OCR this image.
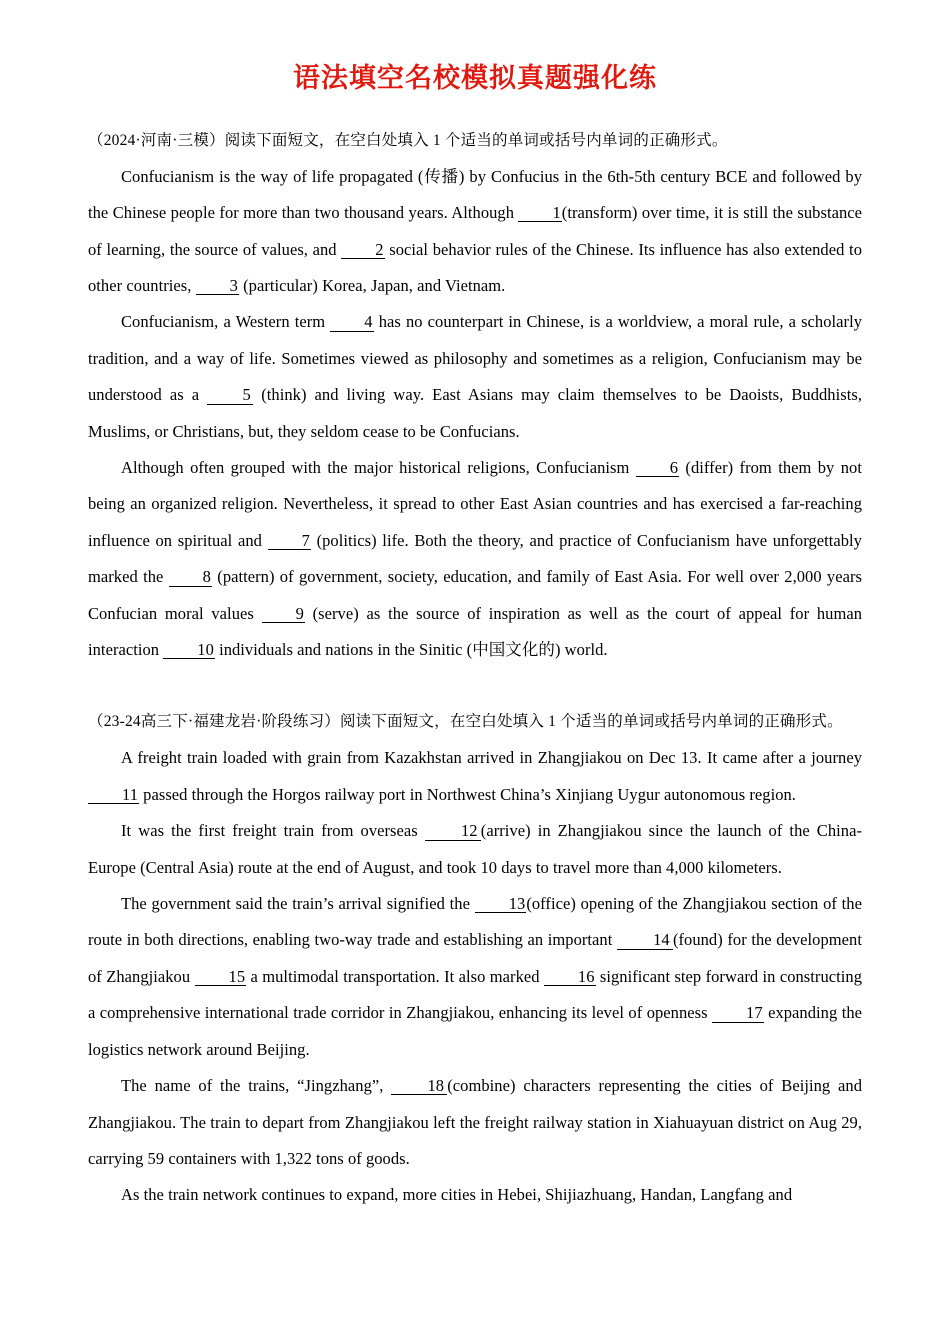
语法填空名校模拟真题强化练

（2024·河南·三模）阅读下面短文，在空白处填入 1 个适当的单词或括号内单词的正确形式。

Confucianism is the way of life propagated (传播) by Confucius in the 6th-5th century BCE and followed by the Chinese people for more than two thousand years. Although 1(transform) over time, it is still the substance of learning, the source of values, and 2 social behavior rules of the Chinese. Its influence has also extended to other countries, 3 (particular) Korea, Japan, and Vietnam.

Confucianism, a Western term 4 has no counterpart in Chinese, is a worldview, a moral rule, a scholarly tradition, and a way of life. Sometimes viewed as philosophy and sometimes as a religion, Confucianism may be understood as a 5 (think) and living way. East Asians may claim themselves to be Daoists, Buddhists, Muslims, or Christians, but, they seldom cease to be Confucians.

Although often grouped with the major historical religions, Confucianism 6 (differ) from them by not being an organized religion. Nevertheless, it spread to other East Asian countries and has exercised a far-reaching influence on spiritual and 7 (politics) life. Both the theory, and practice of Confucianism have unforgettably marked the 8 (pattern) of government, society, education, and family of East Asia. For well over 2,000 years Confucian moral values 9 (serve) as the source of inspiration as well as the court of appeal for human interaction 10 individuals and nations in the Sinitic (中国文化的) world.

（23-24高三下·福建龙岩·阶段练习）阅读下面短文，在空白处填入 1 个适当的单词或括号内单词的正确形式。

A freight train loaded with grain from Kazakhstan arrived in Zhangjiakou on Dec 13. It came after a journey 11 passed through the Horgos railway port in Northwest China’s Xinjiang Uygur autonomous region.

It was the first freight train from overseas 12 (arrive) in Zhangjiakou since the launch of the China-Europe (Central Asia) route at the end of August, and took 10 days to travel more than 4,000 kilometers.

The government said the train’s arrival signified the 13(office) opening of the Zhangjiakou section of the route in both directions, enabling two-way trade and establishing an important 14 (found) for the development of Zhangjiakou 15 a multimodal transportation. It also marked 16 significant step forward in constructing a comprehensive international trade corridor in Zhangjiakou, enhancing its level of openness 17 expanding the logistics network around Beijing.

The name of the trains, “Jingzhang”, 18 (combine) characters representing the cities of Beijing and Zhangjiakou. The train to depart from Zhangjiakou left the freight railway station in Xiahuayuan district on Aug 29, carrying 59 containers with 1,322 tons of goods.

As the train network continues to expand, more cities in Hebei, Shijiazhuang, Handan, Langfang and
